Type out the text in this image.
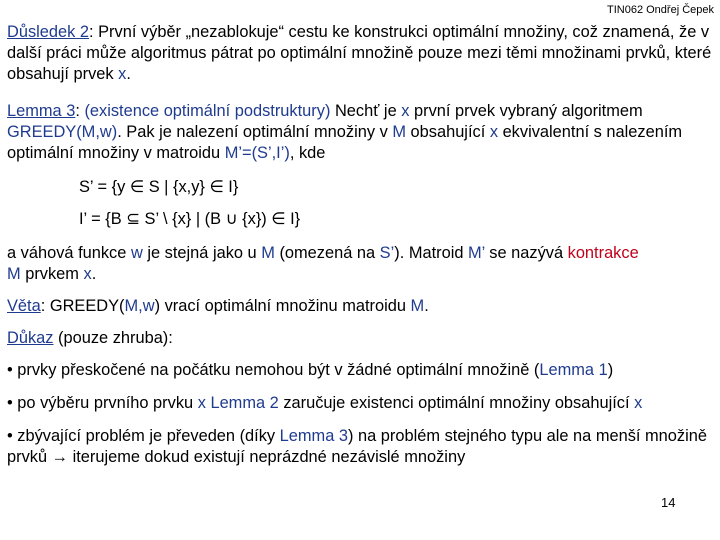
TIN062 Ondřej Čepek
Důsledek 2: První výběr „nezablokuje“ cestu ke konstrukci optimální množiny, což znamená, že v další práci může algoritmus pátrat po optimální množině pouze mezi těmi množinami prvků, které obsahují prvek x.
Lemma 3: (existence optimální podstruktury) Nechť je x první prvek vybraný algoritmem GREEDY(M,w). Pak je nalezení optimální množiny v M obsahující x ekvivalentní s nalezením optimální množiny v matroidu M’=(S’,I’), kde
S’ = {y ∈ S | {x,y} ∈ I}
I’ = {B ⊆ S’ \ {x} | (B ∪ {x}) ∈ I}
a váhová funkce w je stejná jako u M (omezená na S’). Matroid M’ se nazývá kontrakce
M prvkem x.
Věta: GREEDY(M,w) vrací optimální množinu matroidu M.
Důkaz (pouze zhruba):
• prvky přeskočené na počátku nemohou být v žádné optimální množině (Lemma 1)
• po výběru prvního prvku x Lemma 2 zaručuje existenci optimální množiny obsahující x
• zbývající problém je převeden (díky Lemma 3) na problém stejného typu ale na menší množině prvků → iterujeme dokud existují neprázdné nezávislé množiny
14
